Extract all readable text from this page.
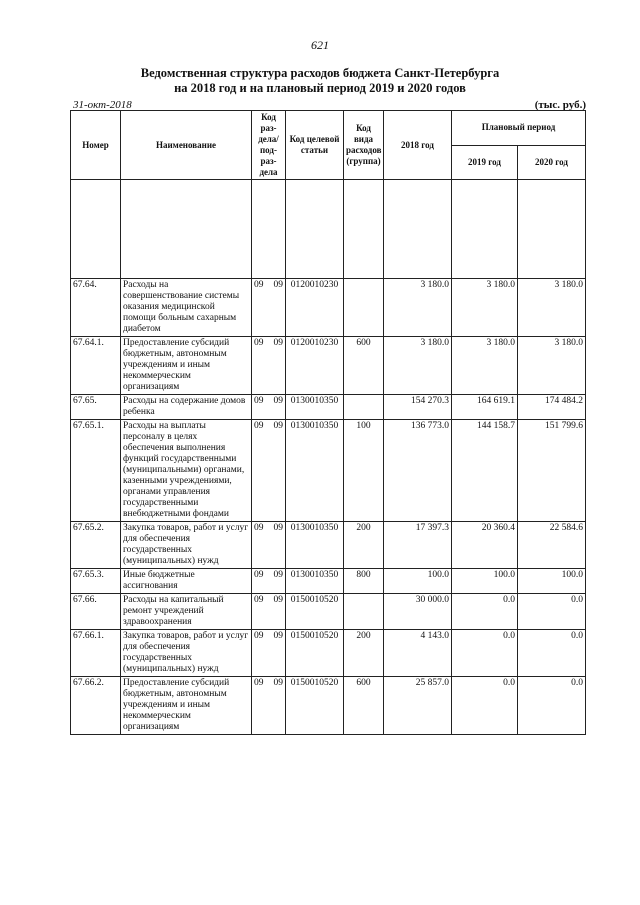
621
Ведомственная структура расходов бюджета Санкт-Петербурга
на 2018 год и на плановый период 2019 и 2020 годов
31-окт-2018	(тыс. руб.)
Номер	Наименование	Код раз- дела/ под- раз- дела	Код целевой статьи	Код вида расходов (группа)	2018 год	Плановый период	
						2019 год	2020 год

67.64.	Расходы на совершенствование системы оказания медицинской помощи больным сахарным диабетом	09 09	0120010230		3 180.0	3 180.0	3 180.0
67.64.1.	Предоставление субсидий бюджетным, автономным учреждениям и иным некоммерческим организациям	09 09	0120010230	600	3 180.0	3 180.0	3 180.0
67.65.	Расходы на содержание домов ребенка	09 09	0130010350		154 270.3	164 619.1	174 484.2
67.65.1.	Расходы на выплаты персоналу в целях обеспечения выполнения функций государственными (муниципальными) органами, казенными учреждениями, органами управления государственными внебюджетными фондами	09 09	0130010350	100	136 773.0	144 158.7	151 799.6
67.65.2.	Закупка товаров, работ и услуг для обеспечения государственных (муниципальных) нужд	09 09	0130010350	200	17 397.3	20 360.4	22 584.6
67.65.3.	Иные бюджетные ассигнования	09 09	0130010350	800	100.0	100.0	100.0
67.66.	Расходы на капитальный ремонт учреждений здравоохранения	09 09	0150010520		30 000.0	0.0	0.0
67.66.1.	Закупка товаров, работ и услуг для обеспечения государственных (муниципальных) нужд	09 09	0150010520	200	4 143.0	0.0	0.0
67.66.2.	Предоставление субсидий бюджетным, автономным учреждениям и иным некоммерческим организациям	09 09	0150010520	600	25 857.0	0.0	0.0
